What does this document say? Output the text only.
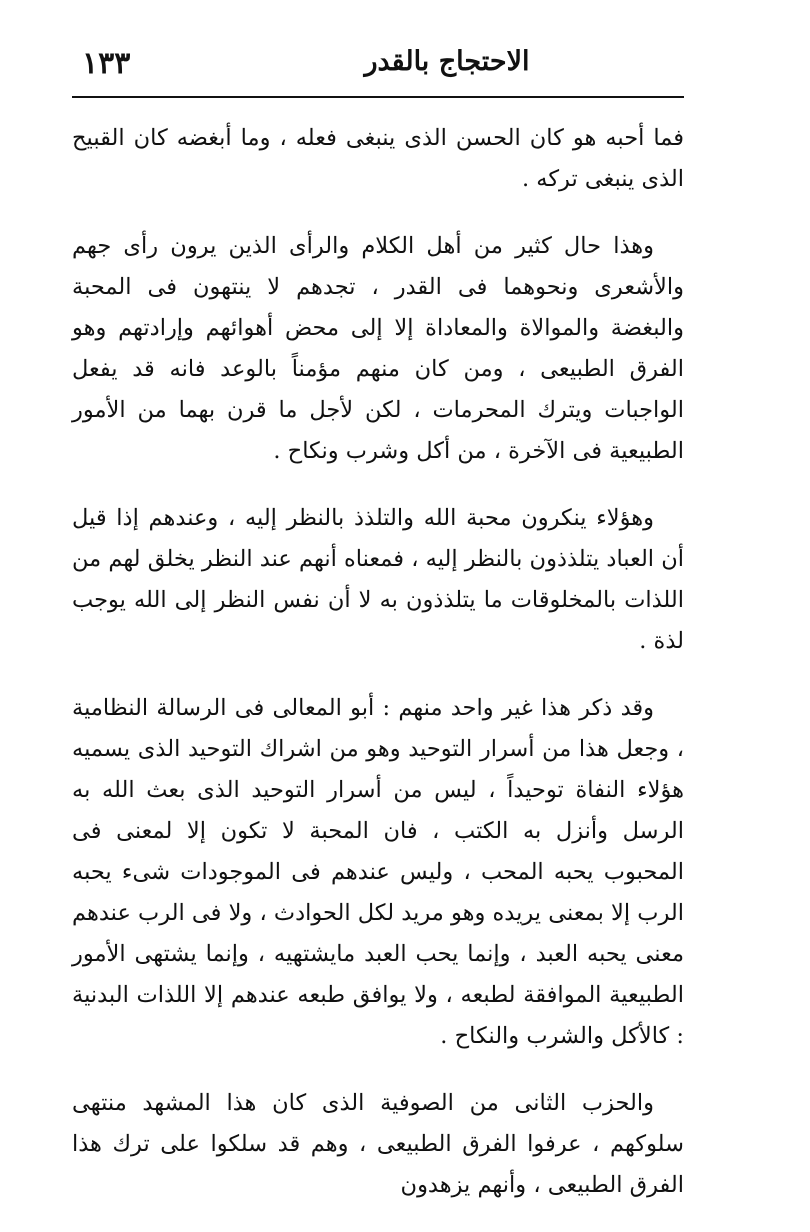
١٣٣	الاحتجاج بالقدر

فما أحبه هو كان الحسن الذى ينبغى فعله ، وما أبغضه كان القبيح الذى ينبغى تركه .

وهذا حال كثير من أهل الكلام والرأى الذين يرون رأى جهم والأشعرى ونحوهما فى القدر ، تجدهم لا ينتهون فى المحبة والبغضة والموالاة والمعاداة إلا إلى محض أهوائهم وإرادتهم وهو الفرق الطبيعى ، ومن كان منهم مؤمناً بالوعد فانه قد يفعل الواجبات ويترك المحرمات ، لكن لأجل ما قرن بهما من الأمور الطبيعية فى الآخرة ، من أكل وشرب ونكاح .

وهؤلاء ينكرون محبة الله والتلذذ بالنظر إليه ، وعندهم إذا قيل أن العباد يتلذذون بالنظر إليه ، فمعناه أنهم عند النظر يخلق لهم من اللذات بالمخلوقات ما يتلذذون به لا أن نفس النظر إلى الله يوجب لذة .

وقد ذكر هذا غير واحد منهم : أبو المعالى فى الرسالة النظامية ، وجعل هذا من أسرار التوحيد وهو من اشراك التوحيد الذى يسميه هؤلاء النفاة توحيداً ، ليس من أسرار التوحيد الذى بعث الله به الرسل وأنزل به الكتب ، فان المحبة لا تكون إلا لمعنى فى المحبوب يحبه المحب ، وليس عندهم فى الموجودات شىء يحبه الرب إلا بمعنى يريده وهو مريد لكل الحوادث ، ولا فى الرب عندهم معنى يحبه العبد ، وإنما يحب العبد مايشتهيه ، وإنما يشتهى الأمور الطبيعية الموافقة لطبعه ، ولا يوافق طبعه عندهم إلا اللذات البدنية : كالأكل والشرب والنكاح .

والحزب الثانى من الصوفية الذى كان هذا المشهد منتهى سلوكهم ، عرفوا الفرق الطبيعى ، وهم قد سلكوا على ترك هذا الفرق الطبيعى ، وأنهم يزهدون
